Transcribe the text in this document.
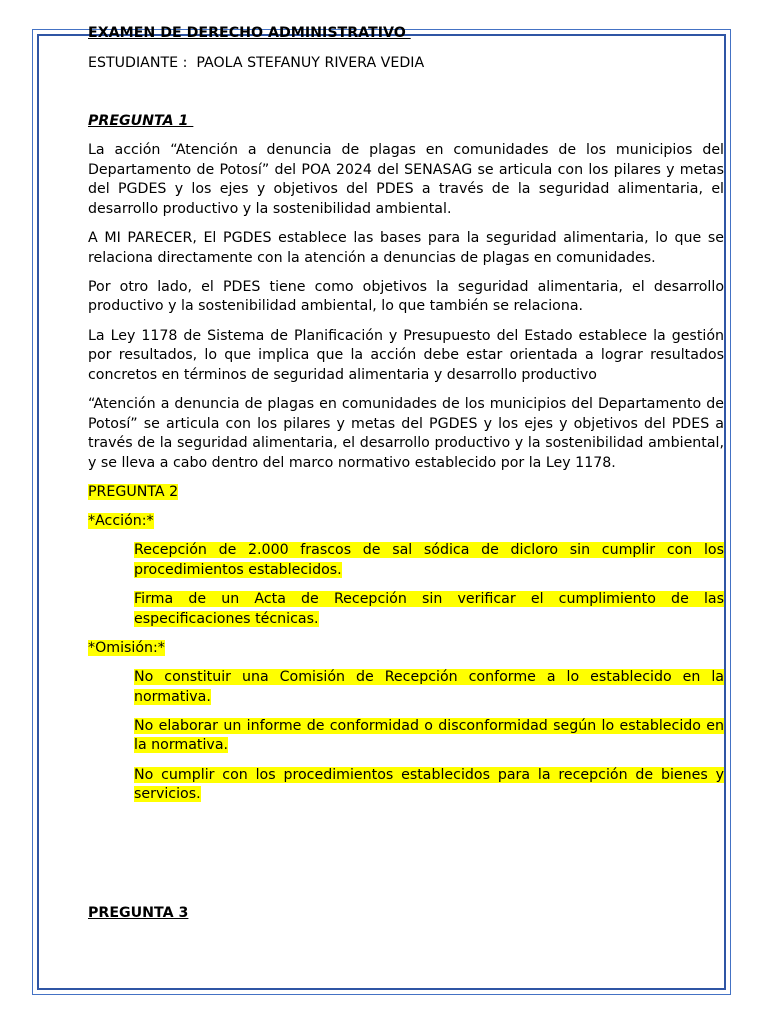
EXAMEN DE DERECHO ADMINISTRATIVO
ESTUDIANTE :  PAOLA STEFANUY RIVERA VEDIA
PREGUNTA 1

La acción “Atención a denuncia de plagas en comunidades de los municipios del Departamento de Potosí” del POA 2024 del SENASAG se articula con los pilares y metas del PGDES y los ejes y objetivos del PDES a través de la seguridad alimentaria, el desarrollo productivo y la sostenibilidad ambiental.

A MI PARECER, El PGDES establece las bases para la seguridad alimentaria, lo que se relaciona directamente con la atención a denuncias de plagas en comunidades.

Por otro lado, el PDES tiene como objetivos la seguridad alimentaria, el desarrollo productivo y la sostenibilidad ambiental, lo que también se relaciona.

La Ley 1178 de Sistema de Planificación y Presupuesto del Estado establece la gestión por resultados, lo que implica que la acción debe estar orientada a lograr resultados concretos en términos de seguridad alimentaria y desarrollo productivo

“Atención a denuncia de plagas en comunidades de los municipios del Departamento de Potosí” se articula con los pilares y metas del PGDES y los ejes y objetivos del PDES a través de la seguridad alimentaria, el desarrollo productivo y la sostenibilidad ambiental, y se lleva a cabo dentro del marco normativo establecido por la Ley 1178.

PREGUNTA 2

*Acción:*

Recepción de 2.000 frascos de sal sódica de dicloro sin cumplir con los procedimientos establecidos.

Firma de un Acta de Recepción sin verificar el cumplimiento de las especificaciones técnicas.

*Omisión:*

No constituir una Comisión de Recepción conforme a lo establecido en la normativa.

No elaborar un informe de conformidad o disconformidad según lo establecido en la normativa.

No cumplir con los procedimientos establecidos para la recepción de bienes y servicios.

PREGUNTA 3
